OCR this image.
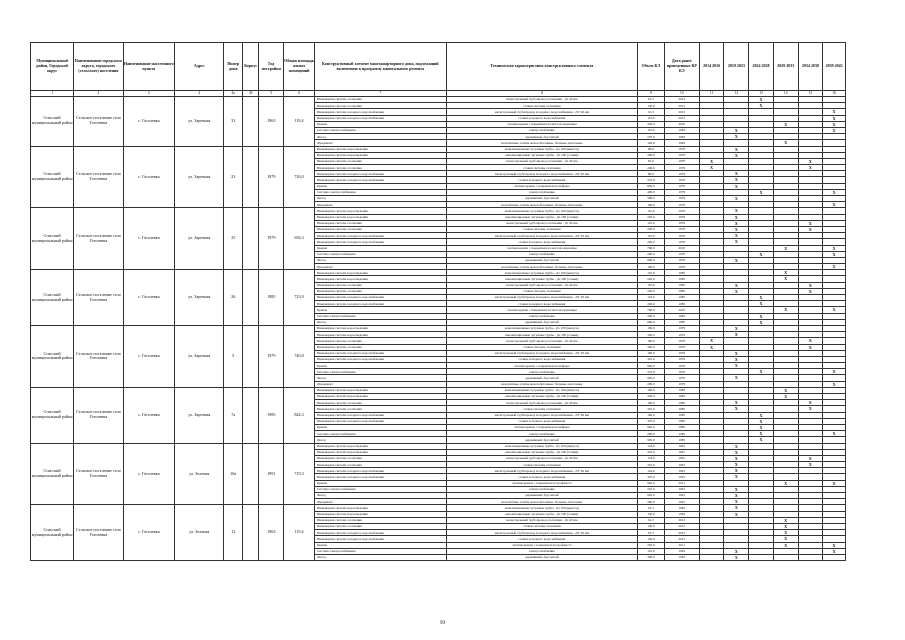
Муниципальный район, Городской округ	Наименование городского округа, городского (сельского) поселения	Наименование населенного пункта	Адрес	Номер дома	Корпус	Год постройки	Общая площадь жилых помещений	Конструктивный элемент многоквартирного дома, подлежащий включению в программу капитального ремонта	Техническая характеристика конструктивного элемента	Объем КЭ	Дата ранее проведенных КР КЭ	2014 2016	2019 2023	2024 2028	2029 2033	2034 2038	2039 2043
1	2	3	4	4а	4б	5	6	7	8	9	10	11	12	13	14	15	16
Спасский муниципальный район	Сельское поселение село Гоголевка	с. Гоголевка	ул. Заречная	33		1963	119,4	Инженерная система отопления	магистральный трубопровод отопления - Дз 40 мм	61,3	2013			X			
								Инженерная система отопления	стояки системы отопления	130,0	2013			X			
								Инженерная система холодного водоснабжения	магистральный трубопровод холодного водоснабжения - ДУ 40 мм	61,3	2013						X
								Инженерная система холодного водоснабжения	стояки холодного водоснабжения	110,0	2013						X
								Крыша	скатная крыша с покрытием из металлочерепицы	350,0	2010				X		X
								Система электроснабжения	электроснабжение	110,0	1963		X				X
								Фасад	деревянный, брусчатый	270,0	1963		X				
								Фундамент	монолитные, плиты железобетонные, блочные ленточные	120,0	1963				X		
Спасский муниципальный район	Сельское поселение село Гоголевка	с. Гоголевка	ул. Заречная	23		1979	726,0	Инженерная система водоотведения	канализационные чугунные трубы - Дз 100 (выпуск)	86,0	1979		X				
								Инженерная система водоотведения	канализационные чугунные трубы - Дз 100 (стояки)	290,0	1979		X				
								Инженерная система отопления	магистральный трубопровод отопления - Дз 40 мм	81,0	1979	X				X	
								Инженерная система отопления	стояки системы отопления	240,0	1979	X				X	
								Инженерная система холодного водоснабжения	магистральный трубопровод холодного водоснабжения - ДУ 40 мм	86,0	1979		X				
								Инженерная система холодного водоснабжения	стояки холодного водоснабжения	210,0	1979		X				
								Крыша	скатная крыша с покрытием из шифера	850,0	1979		X				
								Система электроснабжения	электроснабжение	490,0	1979			X			X
								Фасад	деревянный, брусчатый	580,0	1979		X				
								Фундамент	монолитные, плиты железобетонные, блочные ленточные	190,0	1979						X
Спасский муниципальный район	Сельское поселение село Гоголевка	с. Гоголевка	ул. Заречная	25		1979	656,3	Инженерная система водоотведения	канализационные чугунные трубы - Дз 100 (выпуск)	110,0	1979		X				
								Инженерная система водоотведения	канализационные чугунные трубы - Дз 100 (стояки)	220,0	1979		X				
								Инженерная система отопления	магистральный трубопровод отопления - Дз 40 мм	110,0	1979		X			X	
								Инженерная система отопления	стояки системы отопления	220,0	1979		X			X	
								Инженерная система холодного водоснабжения	магистральный трубопровод холодного водоснабжения - ДУ 40 мм	110,0	1979		X				
								Инженерная система холодного водоснабжения	стояки холодного водоснабжения	220,0	1979		X				
								Крыша	скатная крыша с покрытием из металлочерепицы	760,0	2010				X		X
								Система электроснабжения	электроснабжение	200,0	1979			X			X
								Фасад	деревянный, брусчатый	990,0	1979		X				
								Фундамент	монолитные, плиты железобетонные, блочные ленточные	190,0	1979						X
Спасский муниципальный район	Сельское поселение село Гоголевка	с. Гоголевка	ул. Заречная	26		1985	723,0	Инженерная система водоотведения	канализационные чугунные трубы - Дз 100 (выпуск)	110,0	1985				X		
								Инженерная система водоотведения	канализационные чугунные трубы - Дз 100 (стояки)	220,0	1985				X		
								Инженерная система отопления	магистральный трубопровод отопления - Дз 40 мм	110,0	1985		X			X	
								Инженерная система отопления	стояки системы отопления	220,0	1985		X			X	
								Инженерная система холодного водоснабжения	магистральный трубопровод холодного водоснабжения - ДУ 40 мм	110,0	1985			X			
								Инженерная система холодного водоснабжения	стояки холодного водоснабжения	220,0	1985			X			
								Крыша	скатная крыша с покрытием из металлочерепицы	760,0	2010				X		X
								Система электроснабжения	электроснабжение	200,0	1985			X			
								Фасад	деревянный, брусчатый	990,0	1985			X			
Спасский муниципальный район	Сельское поселение село Гоголевка	с. Гоголевка	ул. Заречная	5		1979	740,0	Инженерная система водоотведения	канализационные чугунные трубы - Дз 100 (выпуск)	160,0	1979		X				
								Инженерная система водоотведения	канализационные чугунные трубы - Дз 100 (стояки)	320,0	1979		X				
								Инженерная система отопления	магистральный трубопровод отопления - Дз 40 мм	160,0	1979	X				X	
								Инженерная система отопления	стояки системы отопления	320,0	1979	X				X	
								Инженерная система холодного водоснабжения	магистральный трубопровод холодного водоснабжения - ДУ 40 мм	160,0	1979		X				
								Инженерная система холодного водоснабжения	стояки холодного водоснабжения	325,0	1979		X				
								Крыша	скатная крыша с покрытием из шифера	992,0	1979		X				
								Система электроснабжения	электроснабжение	210,0	1979			X			X
								Фасад	деревянный, брусчатый	995,0	1979		X				
								Фундамент	монолитные, плиты железобетонные, блочные ленточные	200,0	1979						X
Спасский муниципальный район	Сельское поселение село Гоголевка	с. Гоголевка	ул. Заречная	7а		1985	844,3	Инженерная система водоотведения	канализационные чугунные трубы - Дз 100 (выпуск)	160,0	1985				X		
								Инженерная система водоотведения	канализационные чугунные трубы - Дз 100 (стояки)	320,0	1985				X		
								Инженерная система отопления	магистральный трубопровод отопления - Дз 40 мм	160,0	1985		X			X	
								Инженерная система отопления	стояки системы отопления	325,0	1985		X			X	
								Инженерная система холодного водоснабжения	магистральный трубопровод холодного водоснабжения - ДУ 40 мм	160,0	1985			X			
								Инженерная система холодного водоснабжения	стояки холодного водоснабжения	325,0	1985			X			
								Крыша	скатная крыша с покрытием из шифера	992,0	1985			X			
								Система электроснабжения	электроснабжение	200,0	1985			X			X
								Фасад	деревянный, брусчатый	995,0	1985			X			
Спасский муниципальный район	Сельское поселение село Гоголевка	с. Гоголевка	ул. Зеленая	10а		1991	719,3	Инженерная система водоотведения	канализационные чугунные трубы - Дз 100 (выпуск)	124,0	1991		X				
								Инженерная система водоотведения	канализационные чугунные трубы - Дз 100 (стояки)	325,0	1991		X				
								Инженерная система отопления	магистральный трубопровод отопления - Дз 40 мм	124,0	1991		X			X	
								Инженерная система отопления	стояки системы отопления	325,0	1991		X			X	
								Инженерная система холодного водоснабжения	магистральный трубопровод холодного водоснабжения - ДУ 40 мм	124,0	1991		X				
								Инженерная система холодного водоснабжения	стояки холодного водоснабжения	325,0	1991		X				
								Крыша	скатная крыша с покрытием из профлиста	992,0	2011				X		X
								Система электроснабжения	электроснабжение	210,0	1991		X				
								Фасад	деревянный, брусчатый	995,0	1991		X				
								Фундамент	монолитные, плиты железобетонные, блочные ленточные	200,0	1991		X				
Спасский муниципальный район	Сельское поселение село Гоголевка	с. Гоголевка	ул. Зеленая	13		1963	119,4	Инженерная система водоотведения	канализационные чугунные трубы - Дз 100 (выпуск)	61,3	1963		X				
								Инженерная система водоотведения	канализационные чугунные трубы - Дз 100 (стояки)	150,0	1963		X				
								Инженерная система отопления	магистральный трубопровод отопления - Дз 40 мм	61,3	2012				X		
								Инженерная система отопления	стояки системы отопления	150,0	2012				X		
								Инженерная система холодного водоснабжения	магистральный трубопровод холодного водоснабжения - ДУ 40 мм	61,3	2012				X		
								Инженерная система холодного водоснабжения	стояки холодного водоснабжения	150,0	2012				X		
								Крыша	скатная крыша с покрытием из профлиста	250,0	2011				X		X
								Система электроснабжения	электроснабжение	110,0	1963		X				X
								Фасад	деревянный, брусчатый	300,0	1963		X				
99
